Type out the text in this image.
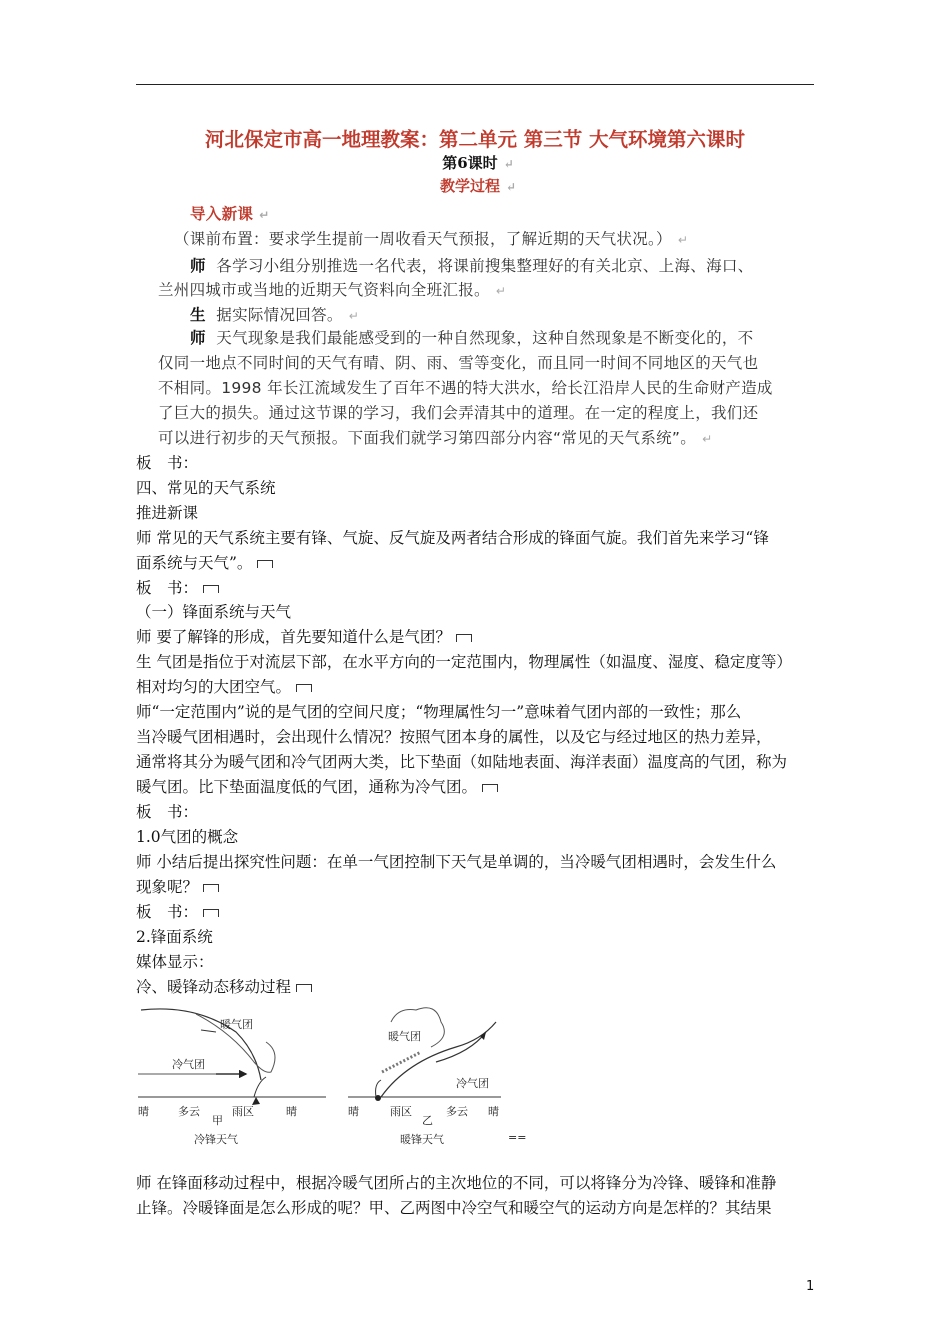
河北保定市高一地理教案：第二单元 第三节 大气环境第六课时
第6课时 ↵
教学过程 ↵
导入新课 ↵
（课前布置：要求学生提前一周收看天气预报，了解近期的天气状况。） ↵
师 各学习小组分别推选一名代表，将课前搜集整理好的有关北京、上海、海口、
兰州四城市或当地的近期天气资料向全班汇报。 ↵
生 据实际情况回答。 ↵
师 天气现象是我们最能感受到的一种自然现象，这种自然现象是不断变化的，不
仅同一地点不同时间的天气有晴、阴、雨、雪等变化，而且同一时间不同地区的天气也
不相同。1998 年长江流域发生了百年不遇的特大洪水，给长江沿岸人民的生命财产造成
了巨大的损失。通过这节课的学习，我们会弄清其中的道理。在一定的程度上，我们还
可以进行初步的天气预报。下面我们就学习第四部分内容“常见的天气系统”。 ↵
板　书：
四、常见的天气系统
推进新课
师 常见的天气系统主要有锋、气旋、反气旋及两者结合形成的锋面气旋。我们首先来学习“锋
面系统与天气”。
板　书：
（一）锋面系统与天气
师 要了解锋的形成，首先要知道什么是气团？
生 气团是指位于对流层下部，在水平方向的一定范围内，物理属性（如温度、湿度、稳定度等）
相对均匀的大团空气。
师“一定范围内”说的是气团的空间尺度；“物理属性匀一”意味着气团内部的一致性；那么
当冷暖气团相遇时，会出现什么情况？按照气团本身的属性，以及它与经过地区的热力差异，
通常将其分为暖气团和冷气团两大类，比下垫面（如陆地表面、海洋表面）温度高的气团，称为
暖气团。比下垫面温度低的气团，通称为冷气团。
板　书：
1.0气团的概念
师 小结后提出探究性问题：在单一气团控制下天气是单调的，当冷暖气团相遇时，会发生什么
现象呢？
板　书：
2.锋面系统
媒体显示：
冷、暖锋动态移动过程
暖气团
冷气团
晴	多云	雨区	晴
甲
冷锋天气
暖气团
冷气团
晴	雨区	多云 晴
乙
暖锋天气	==
师 在锋面移动过程中，根据冷暖气团所占的主次地位的不同，可以将锋分为冷锋、暖锋和准静
止锋。冷暖锋面是怎么形成的呢？甲、乙两图中冷空气和暖空气的运动方向是怎样的？其结果
1
